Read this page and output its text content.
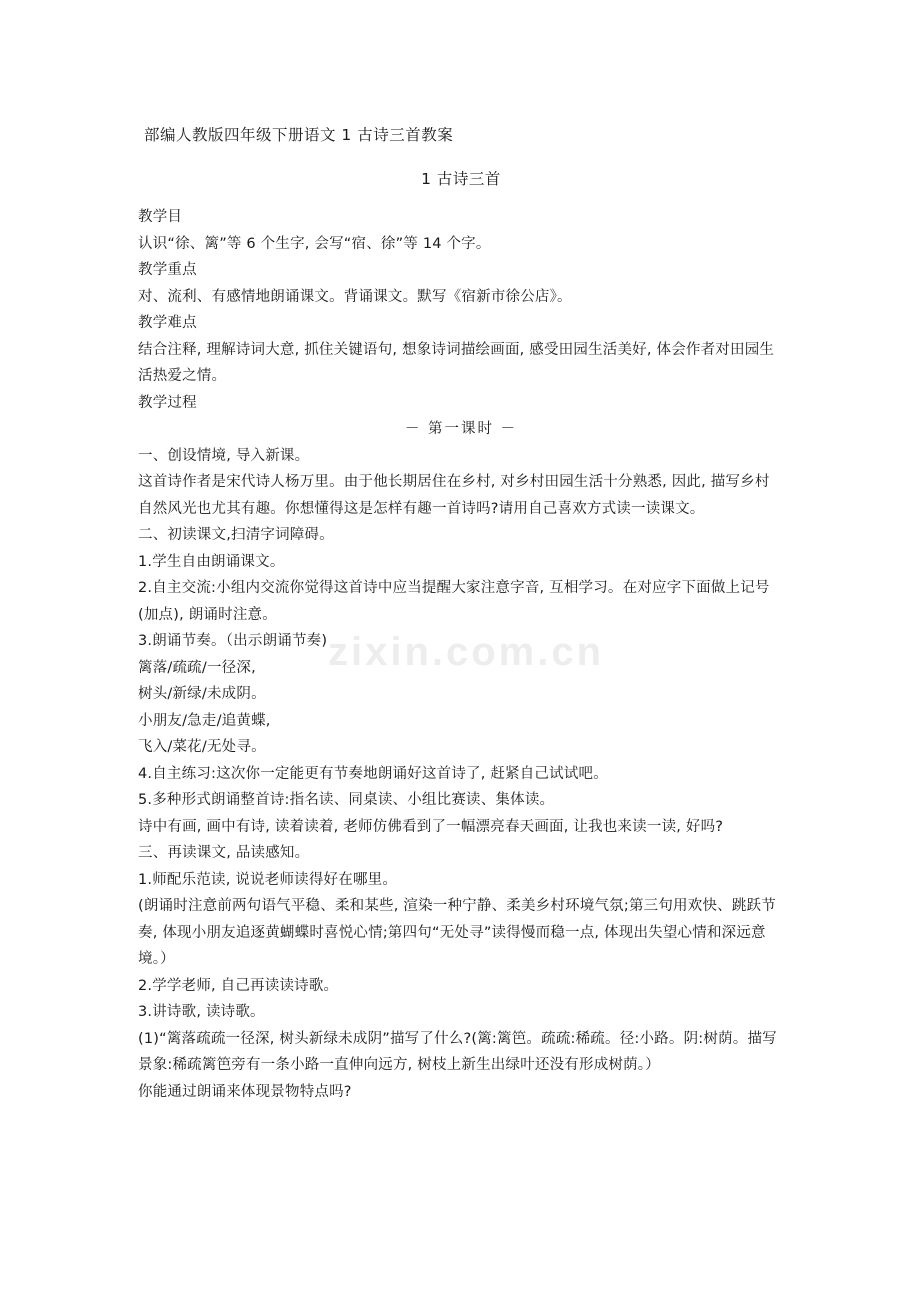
部编人教版四年级下册语文 1 古诗三首教案
1 古诗三首

教学目

认识“徐、篱”等 6 个生字, 会写“宿、徐”等 14 个字。

教学重点

对、流利、有感情地朗诵课文。背诵课文。默写《宿新市徐公店》。

教学难点

结合注释, 理解诗词大意, 抓住关键语句, 想象诗词描绘画面, 感受田园生活美好, 体会作者对田园生活热爱之情。

教学过程

－ 第一课时 －

一、创设情境, 导入新课。

这首诗作者是宋代诗人杨万里。由于他长期居住在乡村, 对乡村田园生活十分熟悉, 因此, 描写乡村自然风光也尤其有趣。你想懂得这是怎样有趣一首诗吗?请用自己喜欢方式读一读课文。

二、初读课文,扫清字词障碍。

1.学生自由朗诵课文。

2.自主交流:小组内交流你觉得这首诗中应当提醒大家注意字音, 互相学习。在对应字下面做上记号(加点), 朗诵时注意。

3.朗诵节奏。（出示朗诵节奏)

篱落/疏疏/一径深,

树头/新绿/未成阴。

小朋友/急走/追黄蝶,

飞入/菜花/无处寻。

4.自主练习:这次你一定能更有节奏地朗诵好这首诗了, 赶紧自己试试吧。

5.多种形式朗诵整首诗:指名读、同桌读、小组比赛读、集体读。

诗中有画, 画中有诗, 读着读着, 老师仿佛看到了一幅漂亮春天画面, 让我也来读一读, 好吗?

三、再读课文, 品读感知。

1.师配乐范读, 说说老师读得好在哪里。

(朗诵时注意前两句语气平稳、柔和某些, 渲染一种宁静、柔美乡村环境气氛;第三句用欢快、跳跃节奏, 体现小朋友追逐黄蝴蝶时喜悦心情;第四句“无处寻”读得慢而稳一点, 体现出失望心情和深远意境。）

2.学学老师, 自己再读读诗歌。

3.讲诗歌, 读诗歌。

(1)“篱落疏疏一径深, 树头新绿未成阴”描写了什么?(篱:篱笆。疏疏:稀疏。径:小路。阴:树荫。描写景象:稀疏篱笆旁有一条小路一直伸向远方, 树枝上新生出绿叶还没有形成树荫。）

你能通过朗诵来体现景物特点吗?

zixin.com.cn
